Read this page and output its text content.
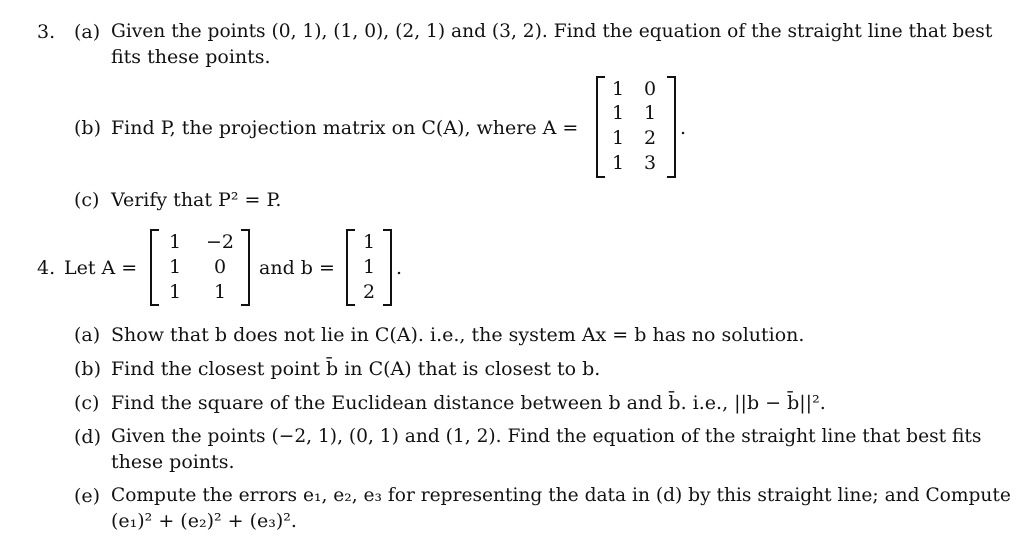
3. (a) Given the points (0, 1), (1, 0), (2, 1) and (3, 2). Find the equation of the straight line that best
fits these points.
(b) Find P, the projection matrix on C(A), where A =
1 0
1 1
1 2
1 3
.
(c) Verify that P² = P.
4. Let A =
1 −2
1	0
1	1
and b =
1
1
2
.
(a) Show that b does not lie in C(A). i.e., the system Ax = b has no solution.
(b) Find the closest point b̄ in C(A) that is closest to b.
(c) Find the square of the Euclidean distance between b and b̄. i.e., ||b − b̄||².
(d) Given the points (−2, 1), (0, 1) and (1, 2). Find the equation of the straight line that best fits
these points.
(e) Compute the errors e₁, e₂, e₃ for representing the data in (d) by this straight line; and Compute
(e₁)² + (e₂)² + (e₃)².
